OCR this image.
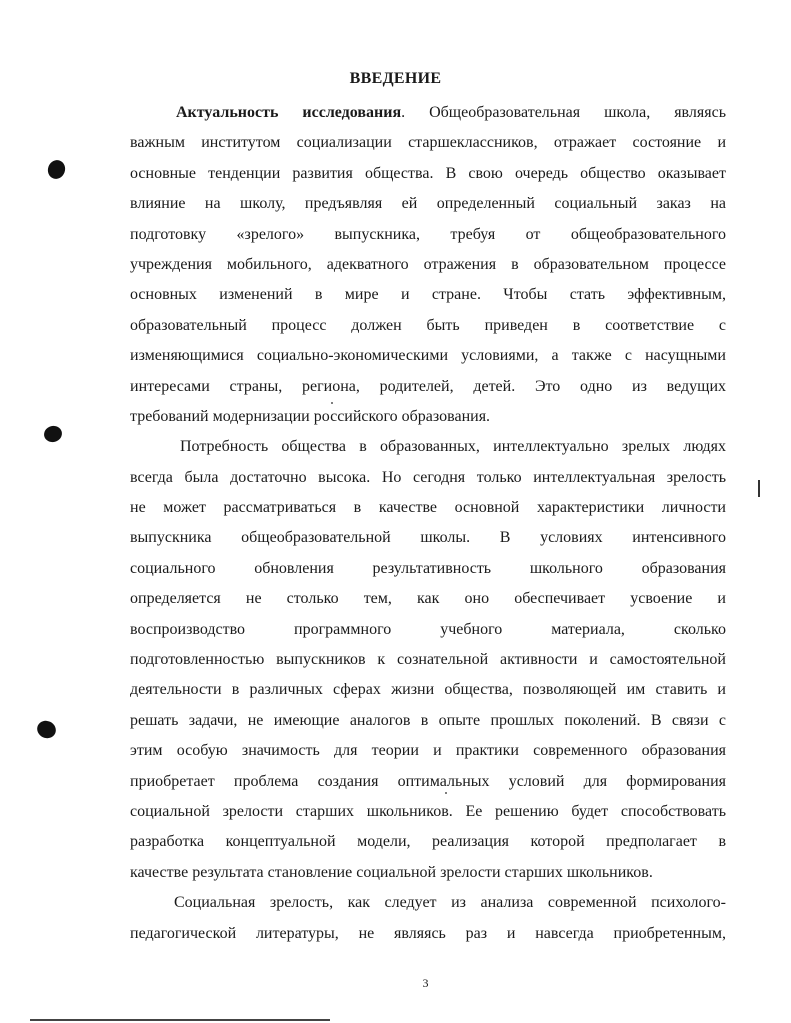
ВВЕДЕНИЕ
Актуальность исследования. Общеобразовательная школа, являясь
важным институтом социализации старшеклассников, отражает состояние и
основные тенденции развития общества. В свою очередь общество оказывает
влияние на школу, предъявляя ей определенный социальный заказ на
подготовку «зрелого» выпускника, требуя от общеобразовательного
учреждения мобильного, адекватного отражения в образовательном процессе
основных изменений в мире и стране. Чтобы стать эффективным,
образовательный процесс должен быть приведен в соответствие с
изменяющимися социально-экономическими условиями, а также с насущными
интересами страны, региона, родителей, детей. Это одно из ведущих
требований модернизации российского образования.
Потребность общества в образованных, интеллектуально зрелых людях
всегда была достаточно высока. Но сегодня только интеллектуальная зрелость
не может рассматриваться в качестве основной характеристики личности
выпускника общеобразовательной школы. В условиях интенсивного
социального обновления результативность школьного образования
определяется не столько тем, как оно обеспечивает усвоение и
воспроизводство программного учебного материала, сколько
подготовленностью выпускников к сознательной активности и самостоятельной
деятельности в различных сферах жизни общества, позволяющей им ставить и
решать задачи, не имеющие аналогов в опыте прошлых поколений. В связи с
этим особую значимость для теории и практики современного образования
приобретает проблема создания оптимальных условий для формирования
социальной зрелости старших школьников. Ее решению будет способствовать
разработка концептуальной модели, реализация которой предполагает в
качестве результата становление социальной зрелости старших школьников.
Социальная зрелость, как следует из анализа современной психолого-
педагогической литературы, не являясь раз и навсегда приобретенным,
3
